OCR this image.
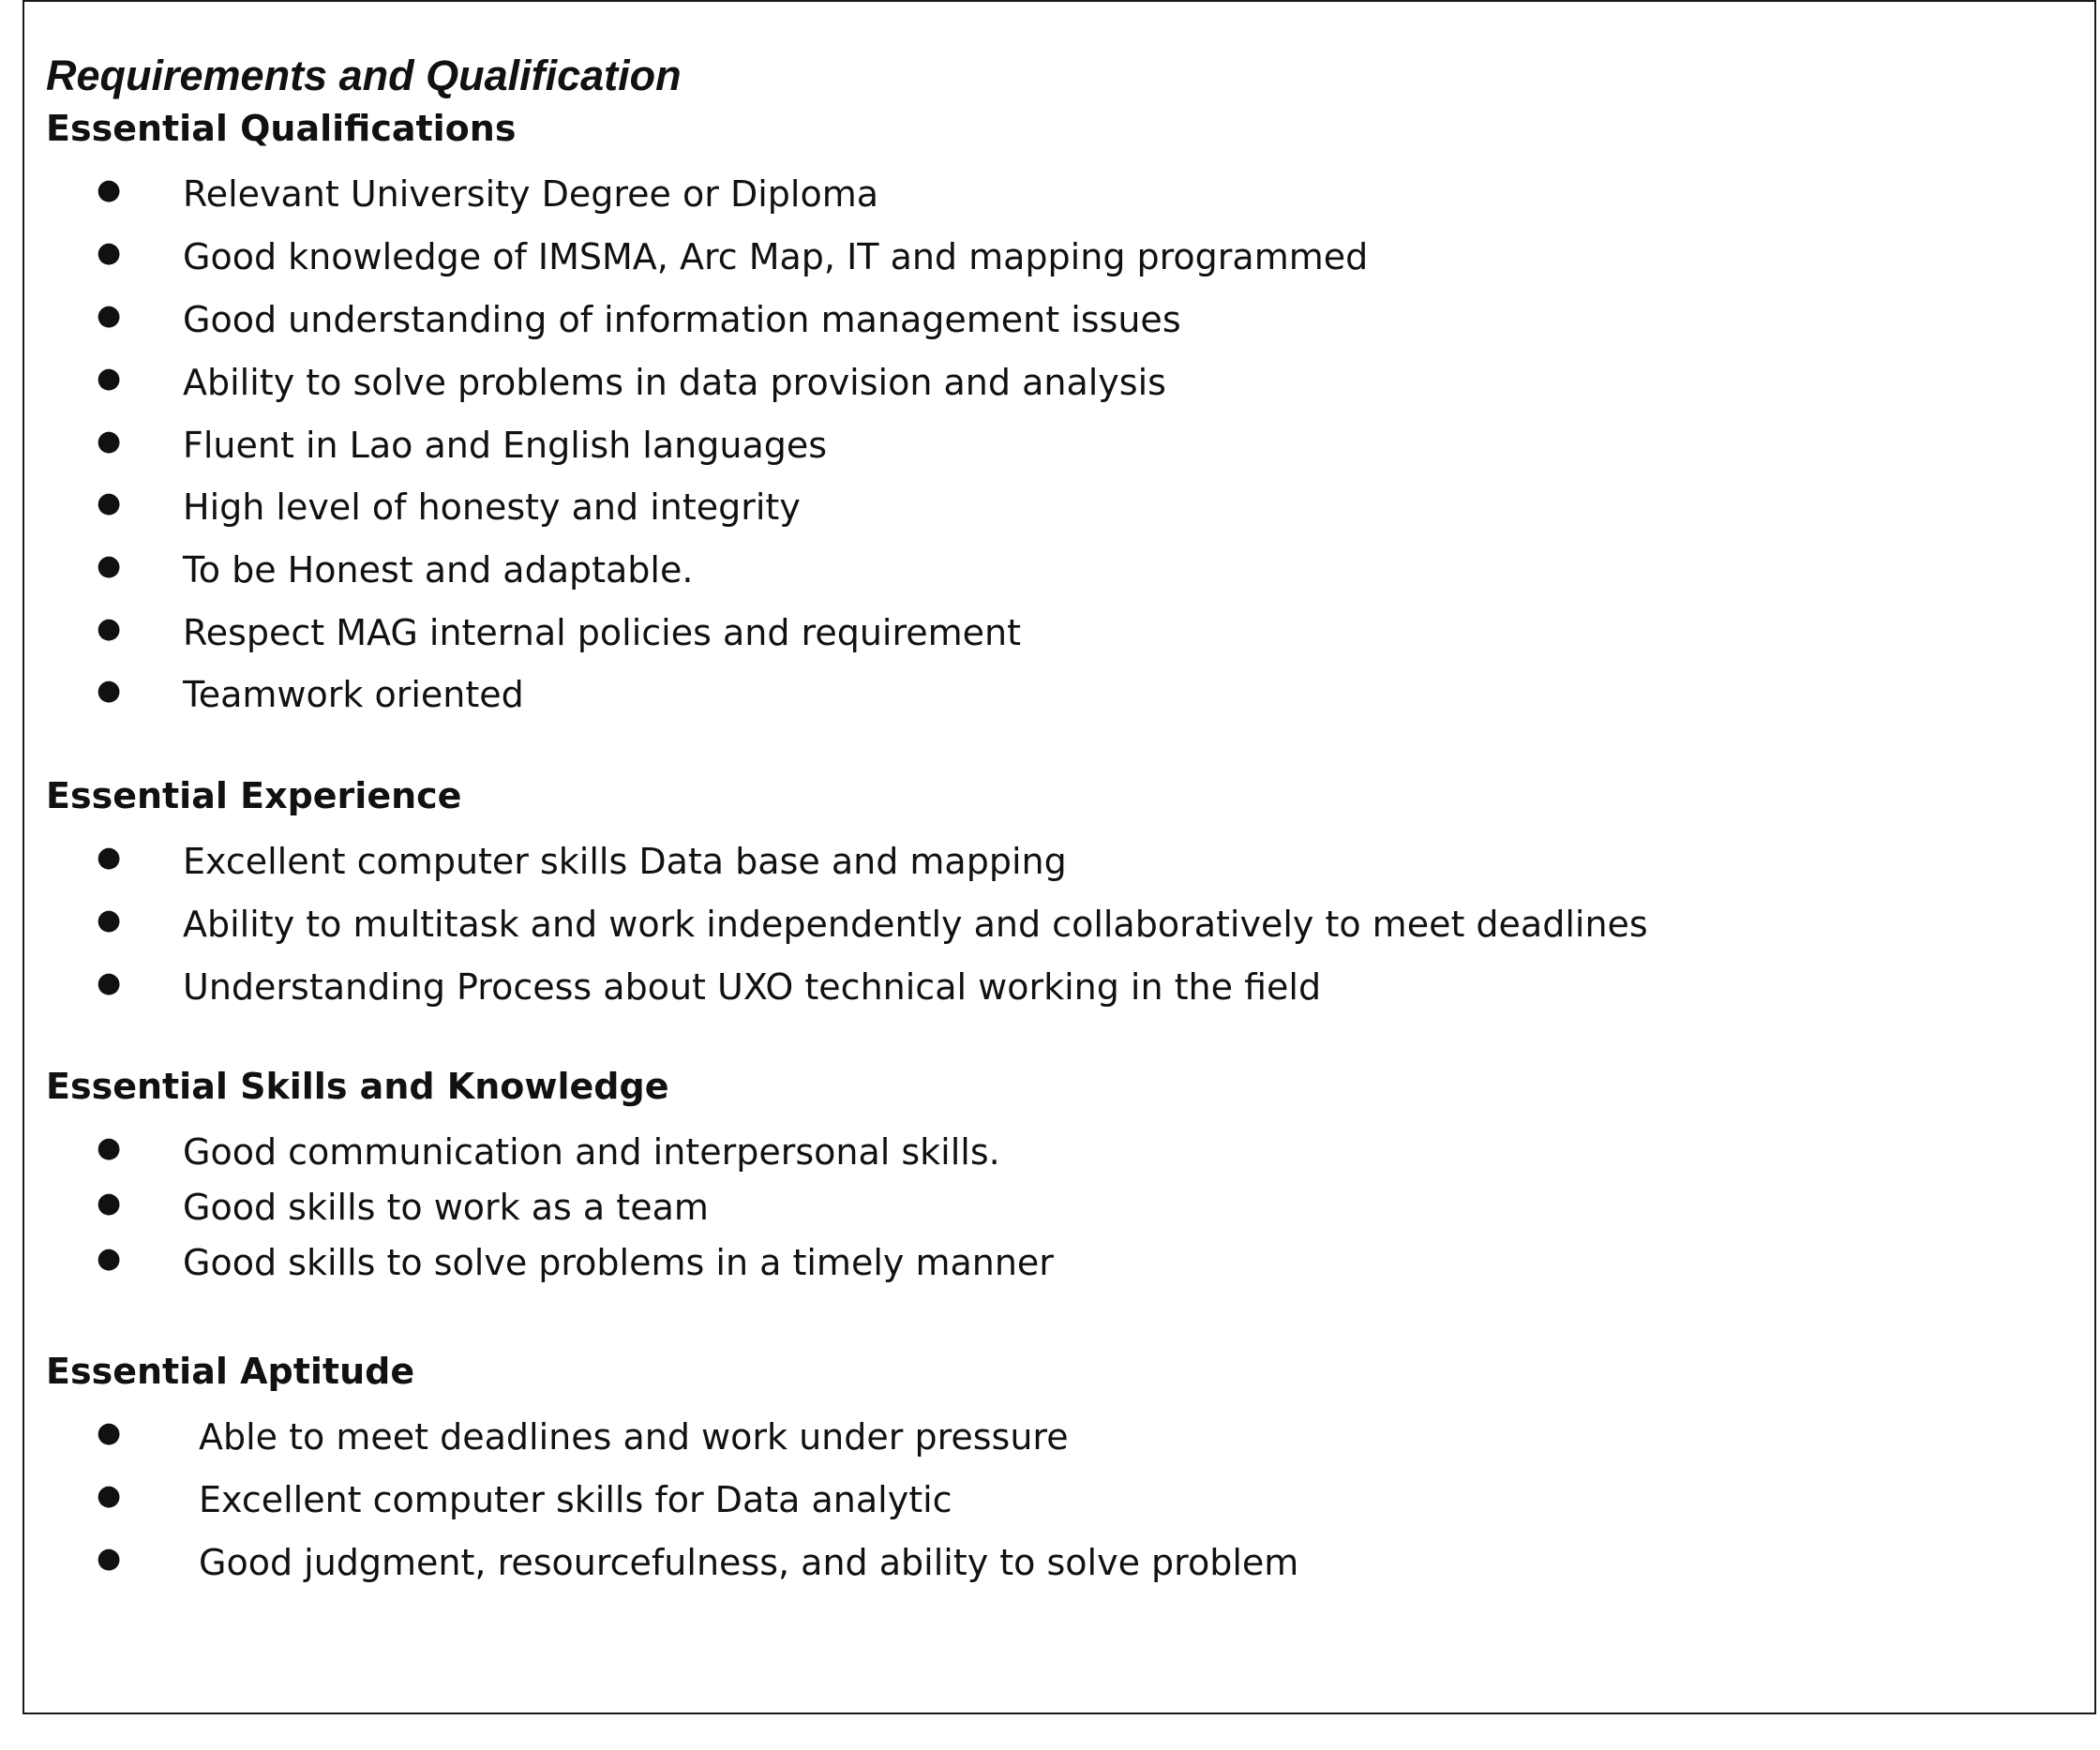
Requirements and Qualification
Essential Qualifications
● Relevant University Degree or Diploma
● Good knowledge of IMSMA, Arc Map, IT and mapping programmed
● Good understanding of information management issues
● Ability to solve problems in data provision and analysis
● Fluent in Lao and English languages
● High level of honesty and integrity
● To be Honest and adaptable.
● Respect MAG internal policies and requirement
● Teamwork oriented
Essential Experience
● Excellent computer skills Data base and mapping
● Ability to multitask and work independently and collaboratively to meet deadlines
● Understanding Process about UXO technical working in the field
Essential Skills and Knowledge
● Good communication and interpersonal skills.
● Good skills to work as a team
● Good skills to solve problems in a timely manner
Essential Aptitude
● Able to meet deadlines and work under pressure
● Excellent computer skills for Data analytic
● Good judgment, resourcefulness, and ability to solve problem
